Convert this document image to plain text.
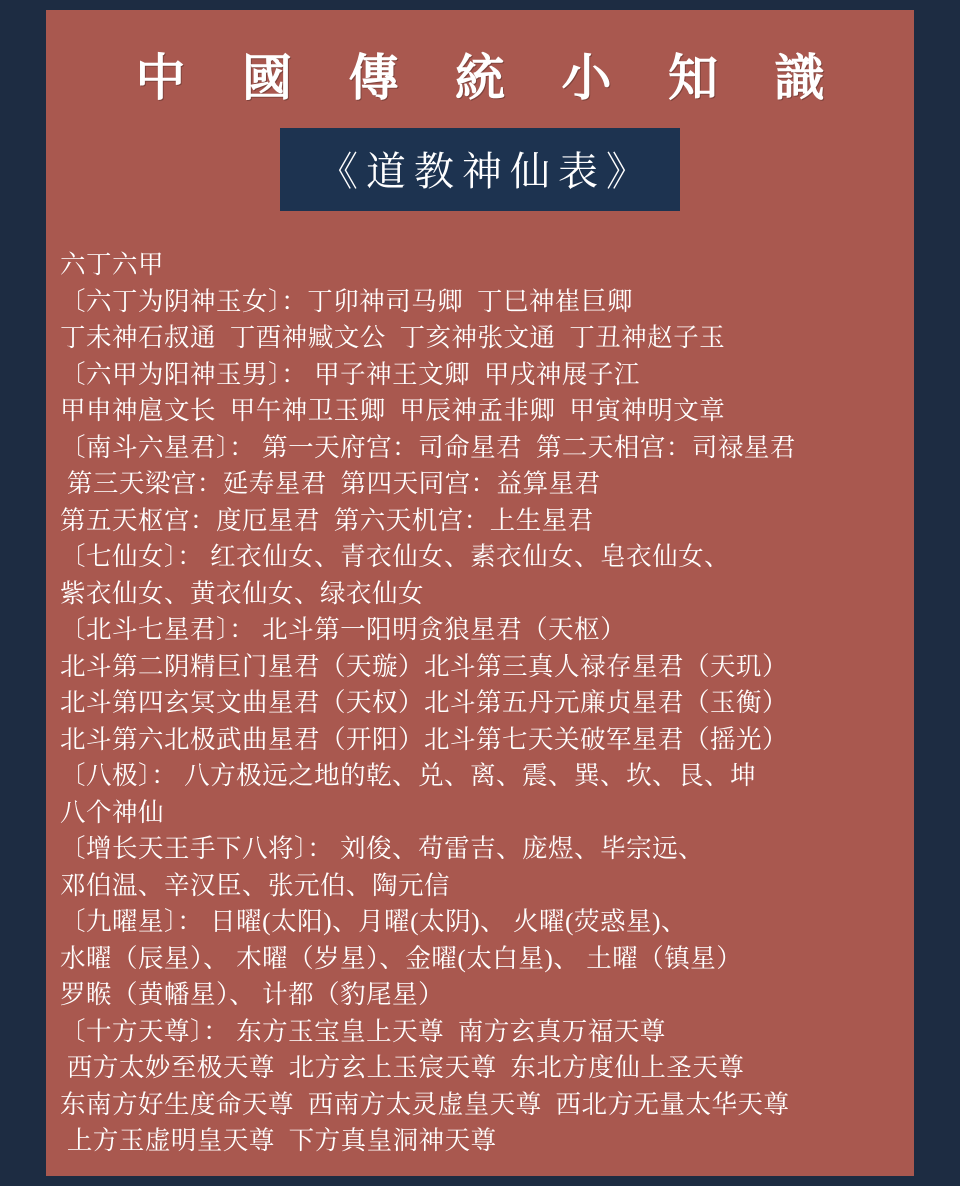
中 國 傳 統 小 知 識
《道教神仙表》
六丁六甲
〔六丁为阴神玉女〕：丁卯神司马卿  丁巳神崔巨卿
丁未神石叔通  丁酉神臧文公  丁亥神张文通  丁丑神赵子玉
〔六甲为阳神玉男〕： 甲子神王文卿  甲戌神展子江
甲申神扈文长  甲午神卫玉卿  甲辰神孟非卿  甲寅神明文章
〔南斗六星君〕： 第一天府宫：司命星君  第二天相宫：司禄星君
第三天梁宫：延寿星君  第四天同宫：益算星君
第五天枢宫：度厄星君  第六天机宫：上生星君
〔七仙女〕： 红衣仙女、青衣仙女、素衣仙女、皂衣仙女、
紫衣仙女、黄衣仙女、绿衣仙女
〔北斗七星君〕： 北斗第一阳明贪狼星君（天枢）
北斗第二阴精巨门星君（天璇）北斗第三真人禄存星君（天玑）
北斗第四玄冥文曲星君（天权）北斗第五丹元廉贞星君（玉衡）
北斗第六北极武曲星君（开阳）北斗第七天关破军星君（摇光）
〔八极〕： 八方极远之地的乾、兑、离、震、巽、坎、艮、坤
八个神仙
〔增长天王手下八将〕： 刘俊、苟雷吉、庞煜、毕宗远、
邓伯温、辛汉臣、张元伯、陶元信
〔九曜星〕： 日曜(太阳)、月曜(太阴)、 火曜(荧惑星)、
水曜（辰星）、 木曜（岁星）、金曜(太白星)、 土曜（镇星）
罗睺（黄幡星）、 计都（豹尾星）
〔十方天尊〕： 东方玉宝皇上天尊  南方玄真万福天尊
西方太妙至极天尊  北方玄上玉宸天尊  东北方度仙上圣天尊
东南方好生度命天尊  西南方太灵虚皇天尊  西北方无量太华天尊
上方玉虚明皇天尊  下方真皇洞神天尊
